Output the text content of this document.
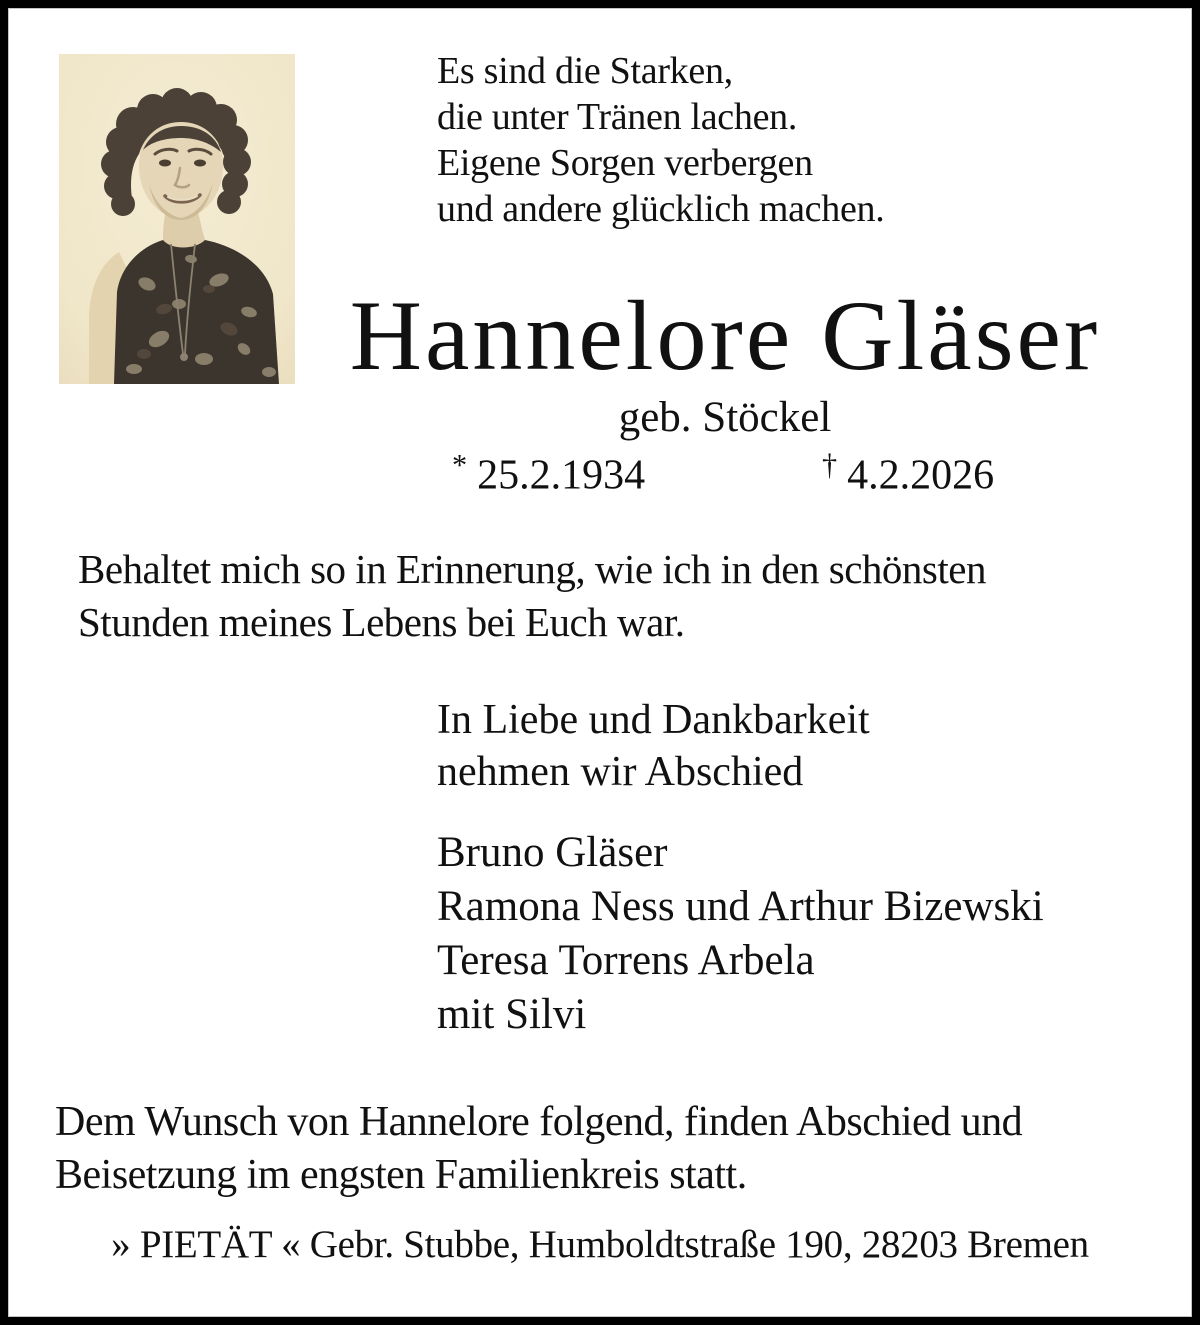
Es sind die Starken,
die unter Tränen lachen.
Eigene Sorgen verbergen
und andere glücklich machen.
Hannelore Gläser
geb. Stöckel
* 25.2.1934	† 4.2.2026
Behaltet mich so in Erinnerung, wie ich in den schönsten
Stunden meines Lebens bei Euch war.
In Liebe und Dankbarkeit
nehmen wir Abschied
Bruno Gläser
Ramona Ness und Arthur Bizewski
Teresa Torrens Arbela
mit Silvi
Dem Wunsch von Hannelore folgend, finden Abschied und
Beisetzung im engsten Familienkreis statt.
» PIETÄT « Gebr. Stubbe, Humboldtstraße 190, 28203 Bremen
